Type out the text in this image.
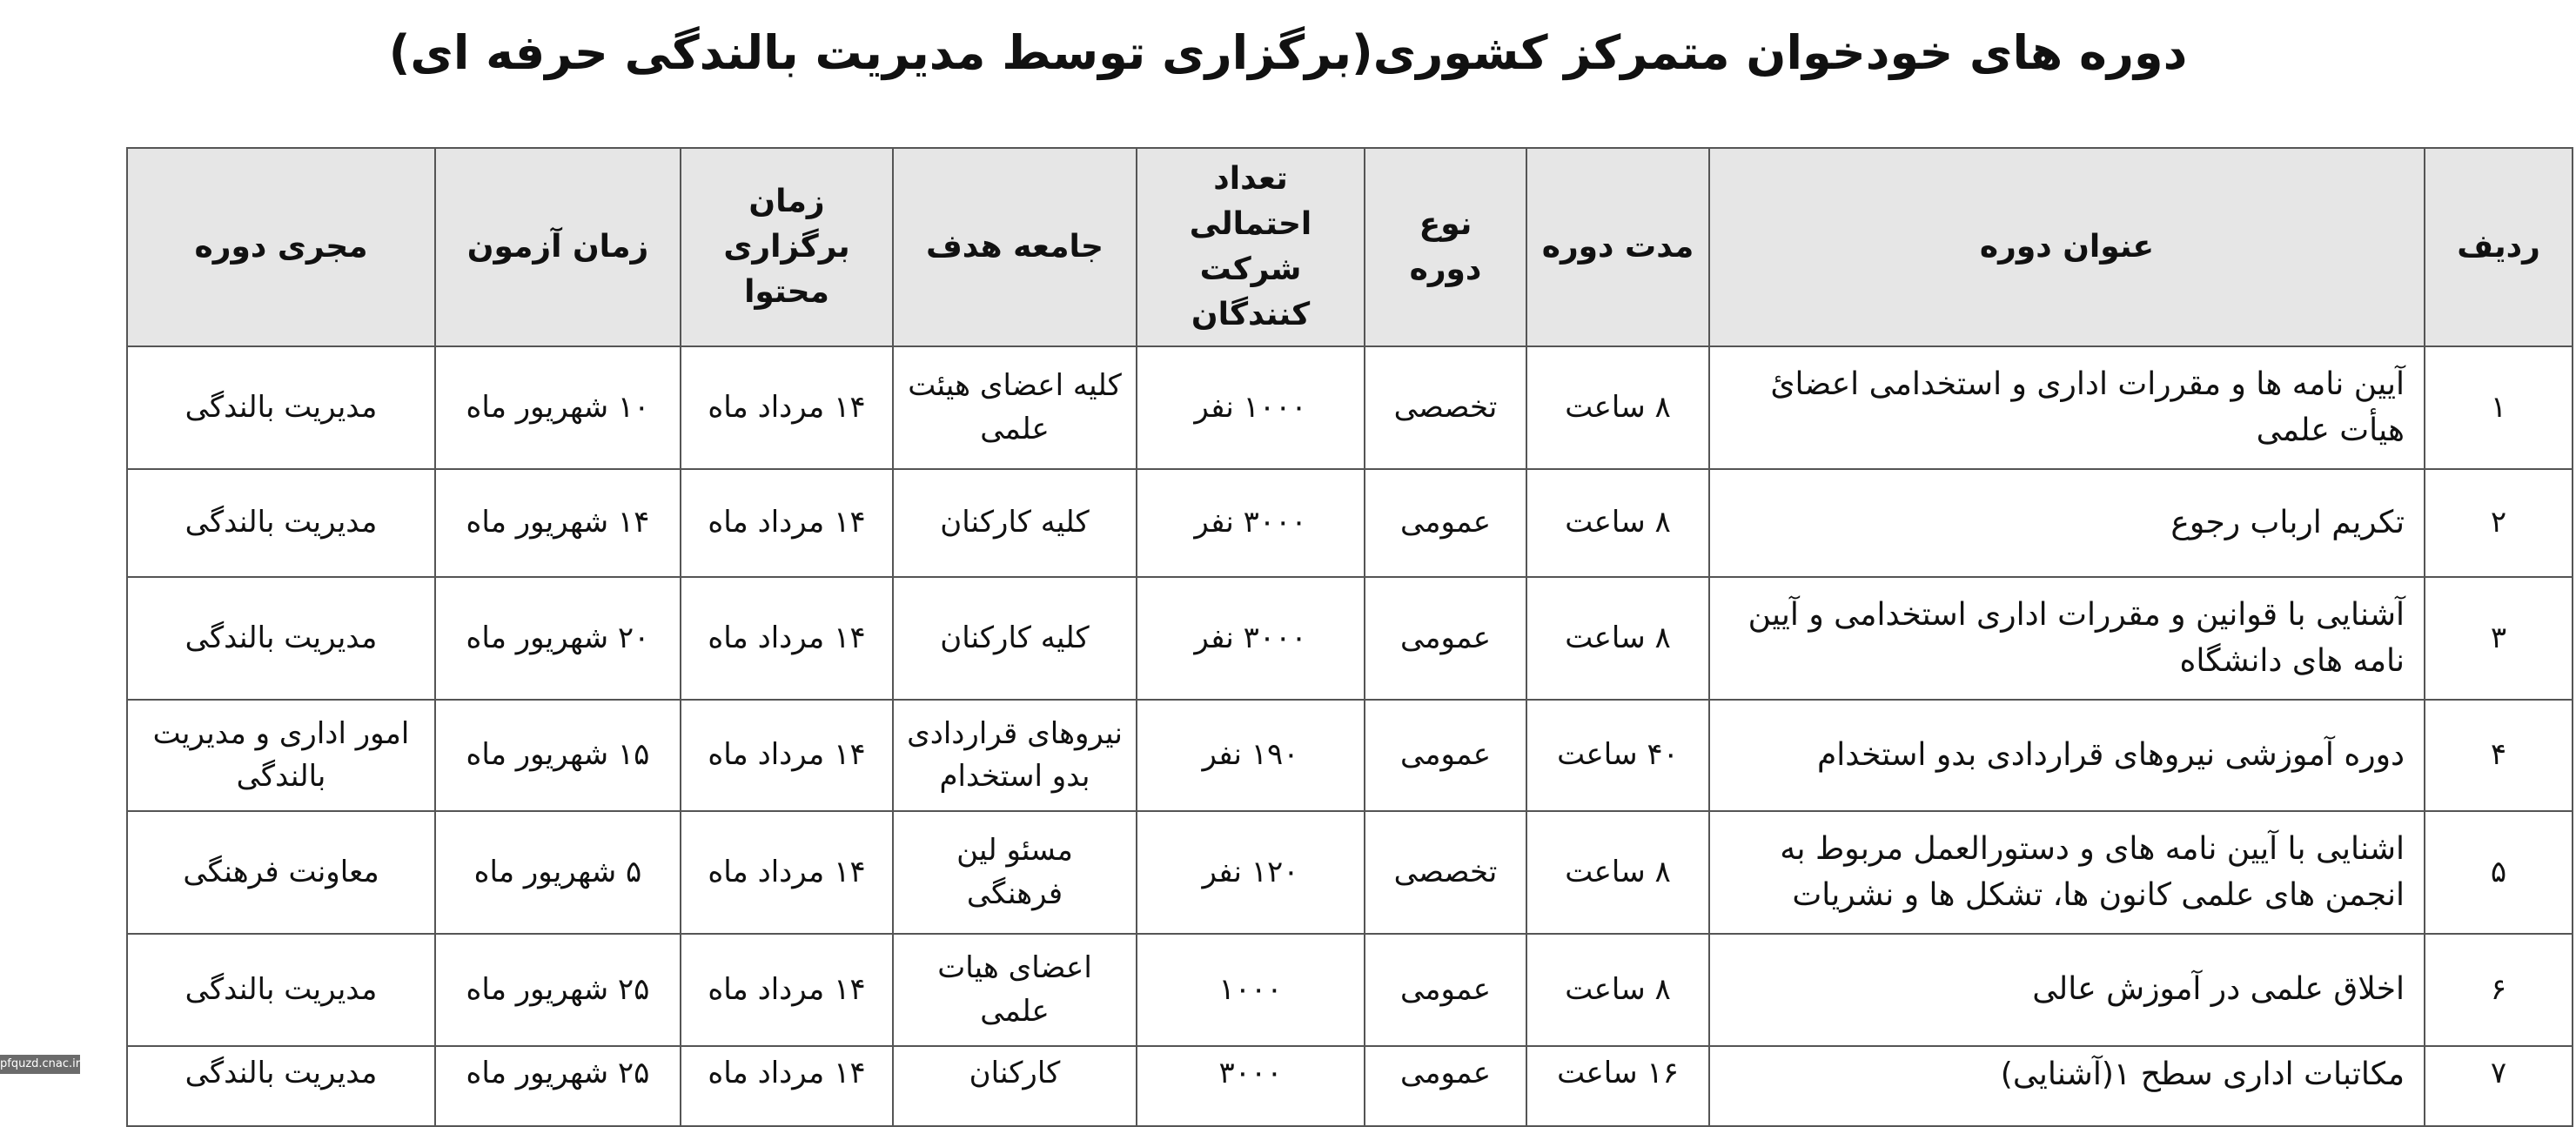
دوره های خودخوان متمرکز کشوری(برگزاری توسط مدیریت بالندگی حرفه ای)
ردیف	عنوان دوره	مدت دوره	نوع دوره	تعداد احتمالی شرکت کنندگان	جامعه هدف	زمان برگزاری محتوا	زمان آزمون	مجری دوره
۱	آیین نامه ها و مقررات اداری و استخدامی اعضائ هیأت علمی	۸ ساعت	تخصصی	۱۰۰۰ نفر	کلیه اعضای هیئت علمی	۱۴ مرداد ماه	۱۰ شهریور ماه	مدیریت بالندگی
۲	تکریم ارباب رجوع	۸ ساعت	عمومی	۳۰۰۰ نفر	کلیه کارکنان	۱۴ مرداد ماه	۱۴ شهریور ماه	مدیریت بالندگی
۳	آشنایی با قوانین و مقررات اداری استخدامی و آیین نامه های دانشگاه	۸ ساعت	عمومی	۳۰۰۰ نفر	کلیه کارکنان	۱۴ مرداد ماه	۲۰ شهریور ماه	مدیریت بالندگی
۴	دوره آموزشی نیروهای قراردادی بدو استخدام	۴۰ ساعت	عمومی	۱۹۰ نفر	نیروهای قراردادی بدو استخدام	۱۴ مرداد ماه	۱۵ شهریور ماه	امور اداری و مدیریت بالندگی
۵	اشنایی با آیین نامه های و دستورالعمل مربوط به انجمن های علمی کانون ها، تشکل ها و نشریات	۸ ساعت	تخصصی	۱۲۰ نفر	مسئو لین فرهنگی	۱۴ مرداد ماه	۵ شهریور ماه	معاونت فرهنگی
۶	اخلاق علمی در آموزش عالی	۸ ساعت	عمومی	۱۰۰۰	اعضای هیات علمی	۱۴ مرداد ماه	۲۵ شهریور ماه	مدیریت بالندگی
۷	مکاتبات اداری سطح ۱(آشنایی)	۱۶ ساعت	عمومی	۳۰۰۰	کارکنان	۱۴ مرداد ماه	۲۵ شهریور ماه	مدیریت بالندگی
pfquzd.cnac.ir
